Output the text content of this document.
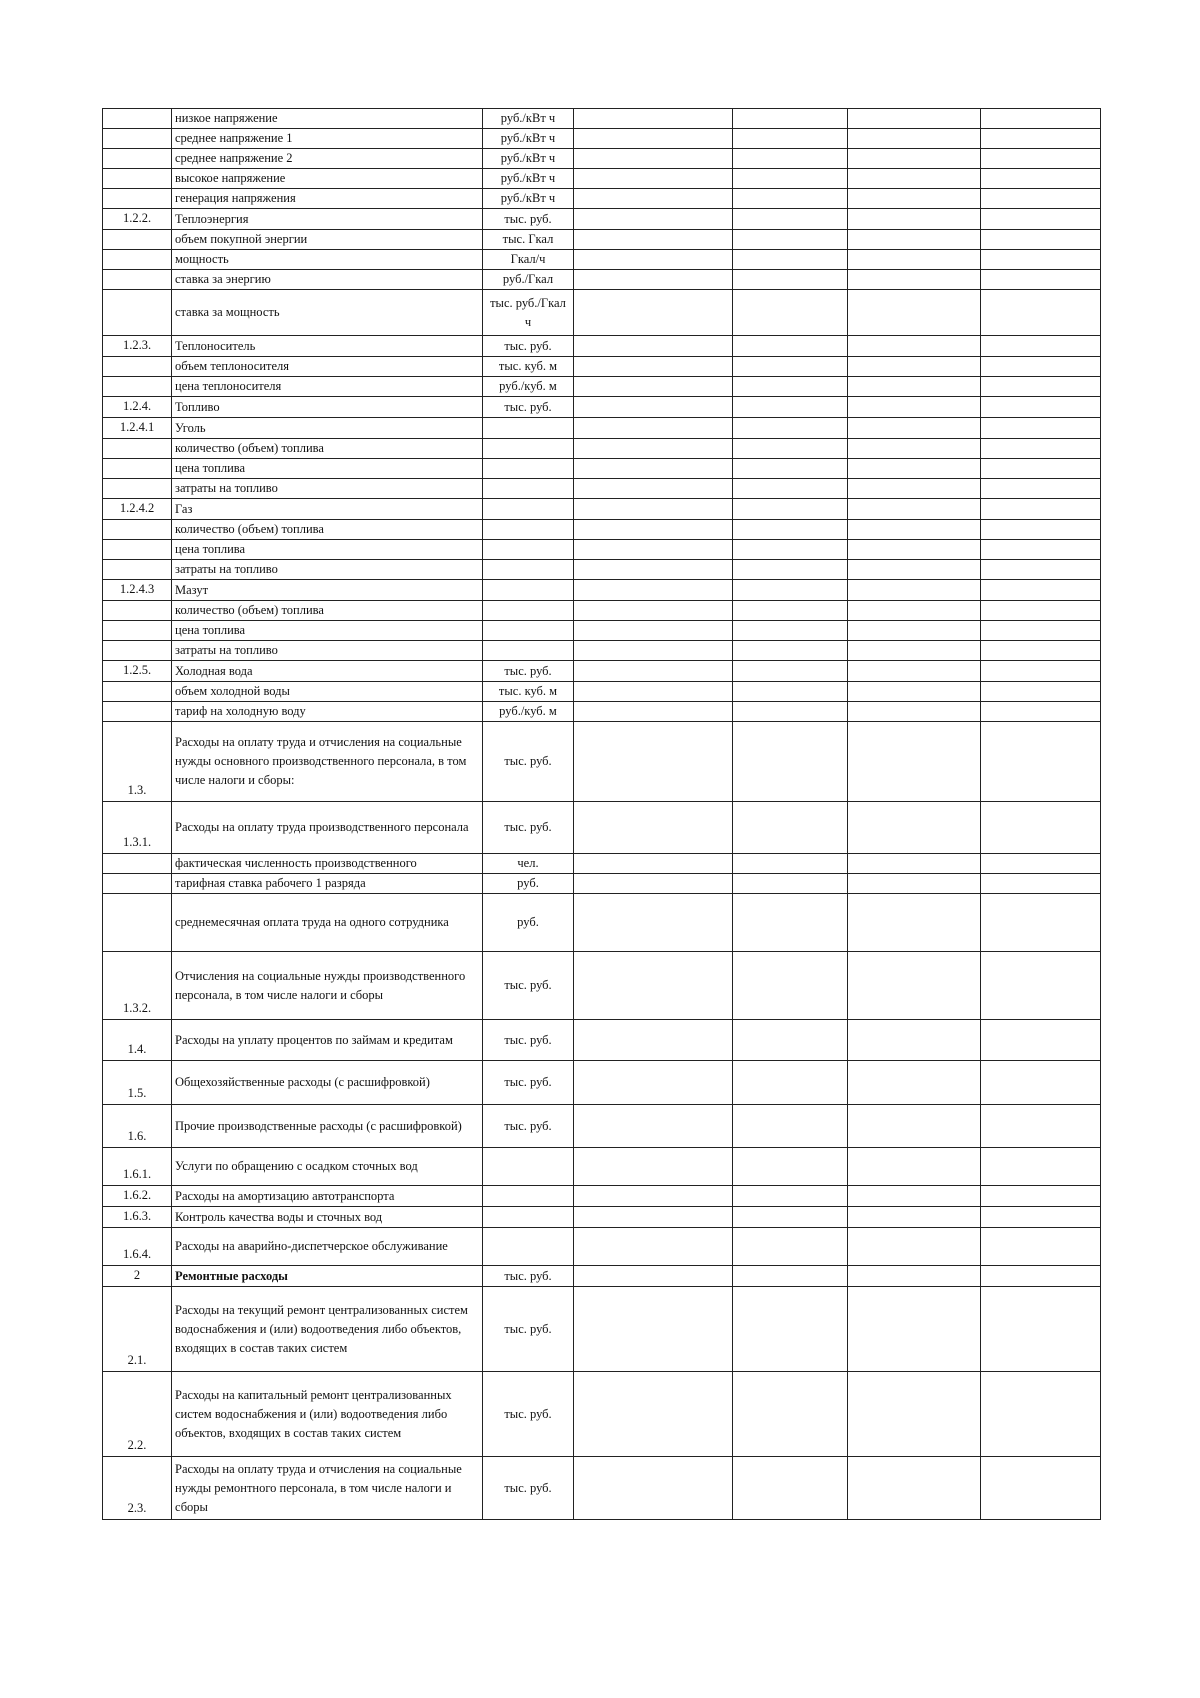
	низкое напряжение	руб./кВт ч				
	среднее напряжение 1	руб./кВт ч				
	среднее напряжение 2	руб./кВт ч				
	высокое напряжение	руб./кВт ч				
	генерация напряжения	руб./кВт ч				
1.2.2.	Теплоэнергия	тыс. руб.				
	объем покупной энергии	тыс. Гкал				
	мощность	Гкал/ч				
	ставка за энергию	руб./Гкал				
	ставка за мощность	тыс. руб./Гкал ч				
1.2.3.	Теплоноситель	тыс. руб.				
	объем теплоносителя	тыс. куб. м				
	цена теплоносителя	руб./куб. м				
1.2.4.	Топливо	тыс. руб.				
1.2.4.1	Уголь					
	количество (объем) топлива					
	цена топлива					
	затраты на топливо					
1.2.4.2	Газ					
	количество (объем) топлива					
	цена топлива					
	затраты на топливо					
1.2.4.3	Мазут					
	количество (объем) топлива					
	цена топлива					
	затраты на топливо					
1.2.5.	Холодная вода	тыс. руб.				
	объем холодной воды	тыс. куб. м				
	тариф на холодную воду	руб./куб. м				
1.3.	Расходы на оплату труда и отчисления на социальные нужды основного производственного персонала, в том числе налоги и сборы:	тыс. руб.				
1.3.1.	Расходы на оплату труда производственного персонала	тыс. руб.				
	фактическая численность производственного	чел.				
	тарифная ставка рабочего 1 разряда	руб.				
	среднемесячная оплата труда на одного сотрудника	руб.				
1.3.2.	Отчисления на социальные нужды производственного персонала, в том числе налоги и сборы	тыс. руб.				
1.4.	Расходы на уплату процентов по займам и кредитам	тыс. руб.				
1.5.	Общехозяйственные расходы (с расшифровкой)	тыс. руб.				
1.6.	Прочие производственные расходы (с расшифровкой)	тыс. руб.				
1.6.1.	Услуги по обращению с осадком сточных вод					
1.6.2.	Расходы на амортизацию автотранспорта					
1.6.3.	Контроль качества воды и сточных вод					
1.6.4.	Расходы на аварийно-диспетчерское обслуживание					
2	Ремонтные расходы	тыс. руб.				
2.1.	Расходы на текущий ремонт централизованных систем водоснабжения и (или) водоотведения либо объектов, входящих в состав таких систем	тыс. руб.				
2.2.	Расходы на капитальный ремонт централизованных систем водоснабжения и (или) водоотведения либо объектов, входящих в состав таких систем	тыс. руб.				
2.3.	Расходы на оплату труда и отчисления на социальные нужды ремонтного персонала, в том числе налоги и сборы	тыс. руб.				
